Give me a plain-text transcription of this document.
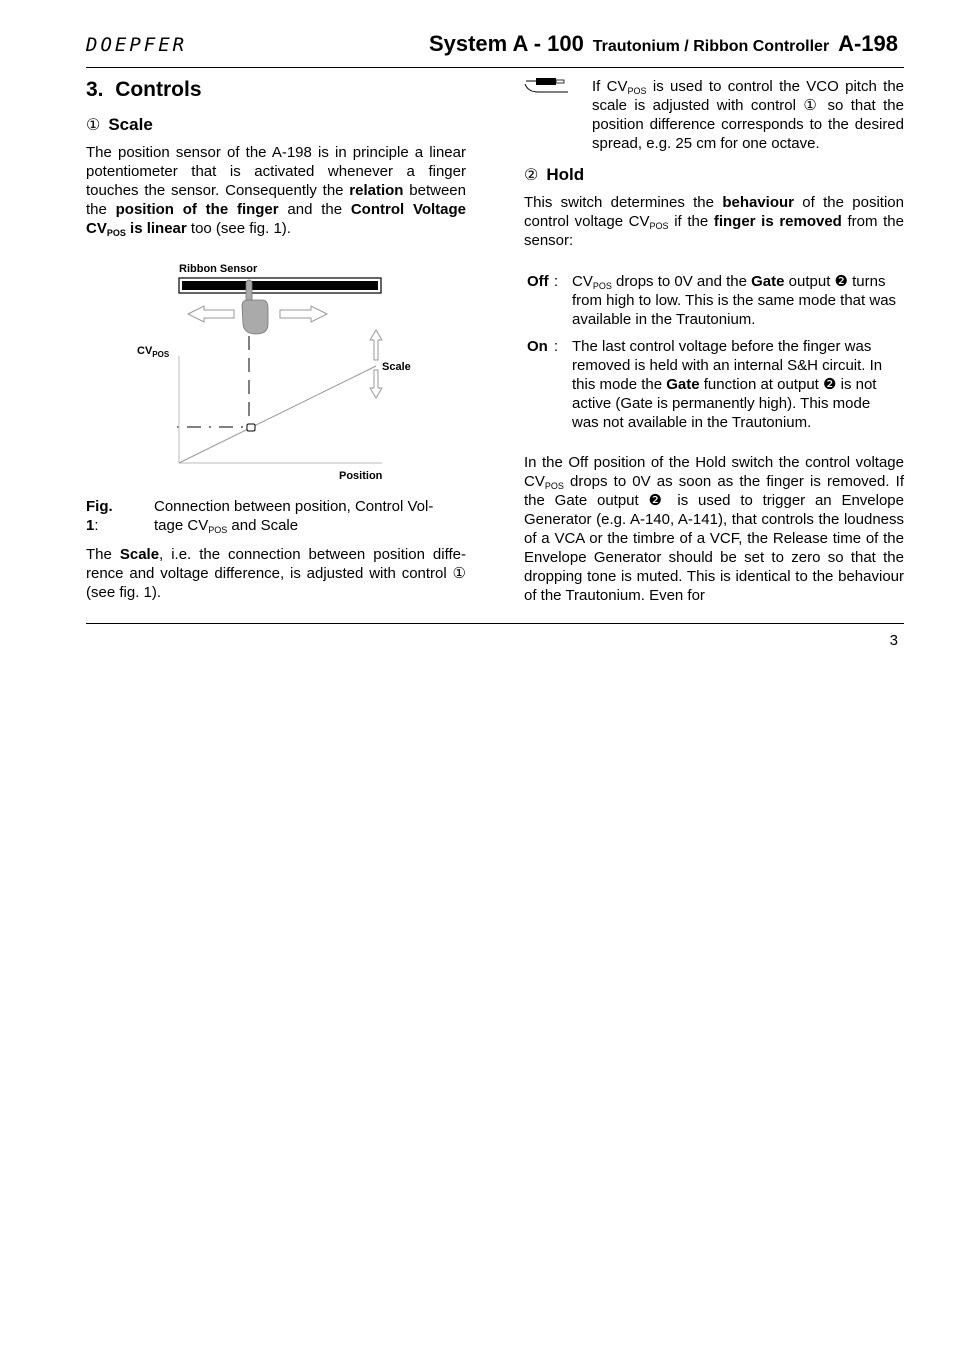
DOEPFER	System A - 100 Trautonium / Ribbon Controller A-198
3. Controls
① Scale
The position sensor of the A-198 is in principle a linear potentiometer that is activated whenever a finger touches the sensor. Consequently the relation between the position of the finger and the Control Voltage $CV_{POS}$ is linear too (see fig. 1).
Ribbon Sensor
CVPOS
Scale
Position
Fig. 1:
Connection between position, Control Vol-tage $CV_{POS}$ and Scale
The Scale, i.e. the connection between position diffe-rence and voltage difference, is adjusted with control ① (see fig. 1).
If $CV_{POS}$ is used to control the VCO pitch the scale is adjusted with control ① so that the position difference corresponds to the desired spread, e.g. 25 cm for one octave.
② Hold
This switch determines the behaviour of the position control voltage $CV_{POS}$ if the finger is removed from the sensor:
Off : $CV_{POS}$ drops to 0V and the Gate output ❷ turns from high to low. This is the same mode that was available in the Trautonium.
On : The last control voltage before the finger was removed is held with an internal S&H circuit. In this mode the Gate function at output ❷ is not active (Gate is permanently high). This mode was not available in the Trautonium.
In the Off position of the Hold switch the control voltage $CV_{POS}$ drops to 0V as soon as the finger is removed. If the Gate output ❷ is used to trigger an Envelope Generator (e.g. A-140, A-141), that controls the loudness of a VCA or the timbre of a VCF, the Release time of the Envelope Generator should be set to zero so that the dropping tone is muted. This is identical to the behaviour of the Trautonium. Even for
3
